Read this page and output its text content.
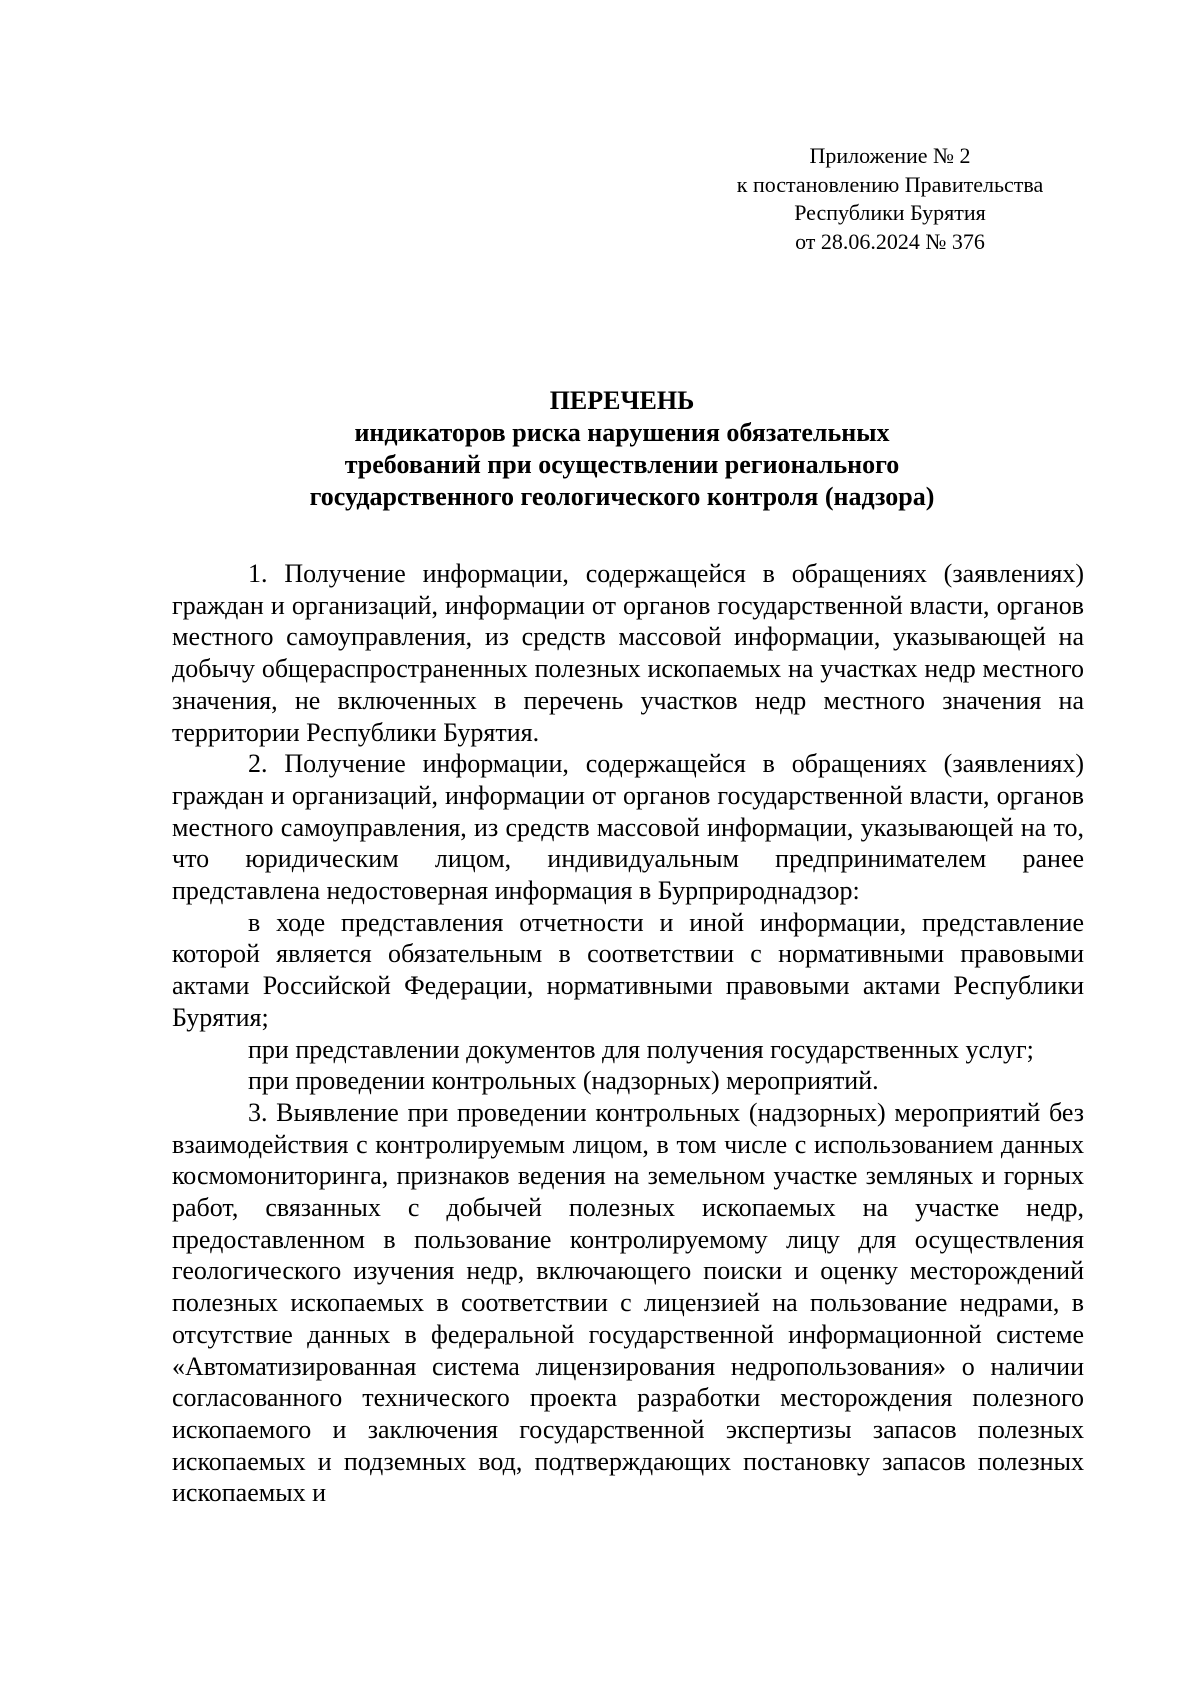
Приложение № 2
к постановлению Правительства
Республики Бурятия
от 28.06.2024 № 376
ПЕРЕЧЕНЬ
индикаторов риска нарушения обязательных
требований при осуществлении регионального
государственного геологического контроля (надзора)

1. Получение информации, содержащейся в обращениях (заявлениях) граждан и организаций, информации от органов государственной власти, органов местного самоуправления, из средств массовой информации, указывающей на добычу общераспространенных полезных ископаемых на участках недр местного значения, не включенных в перечень участков недр местного значения на территории Республики Бурятия.

2. Получение информации, содержащейся в обращениях (заявлениях) граждан и организаций, информации от органов государственной власти, органов местного самоуправления, из средств массовой информации, указывающей на то, что юридическим лицом, индивидуальным предпринимателем ранее представлена недостоверная информация в Бурприроднадзор:

в ходе представления отчетности и иной информации, представление которой является обязательным в соответствии с нормативными правовыми актами Российской Федерации, нормативными правовыми актами Республики Бурятия;

при представлении документов для получения государственных услуг;

при проведении контрольных (надзорных) мероприятий.

3. Выявление при проведении контрольных (надзорных) мероприятий без взаимодействия с контролируемым лицом, в том числе с использованием данных космомониторинга, признаков ведения на земельном участке земляных и горных работ, связанных с добычей полезных ископаемых на участке недр, предоставленном в пользование контролируемому лицу для осуществления геологического изучения недр, включающего поиски и оценку месторождений полезных ископаемых в соответствии с лицензией на пользование недрами, в отсутствие данных в федеральной государственной информационной системе «Автоматизированная система лицензирования недропользования» о наличии согласованного технического проекта разработки месторождения полезного ископаемого и заключения государственной экспертизы запасов полезных ископаемых и подземных вод, подтверждающих постановку запасов полезных ископаемых и
